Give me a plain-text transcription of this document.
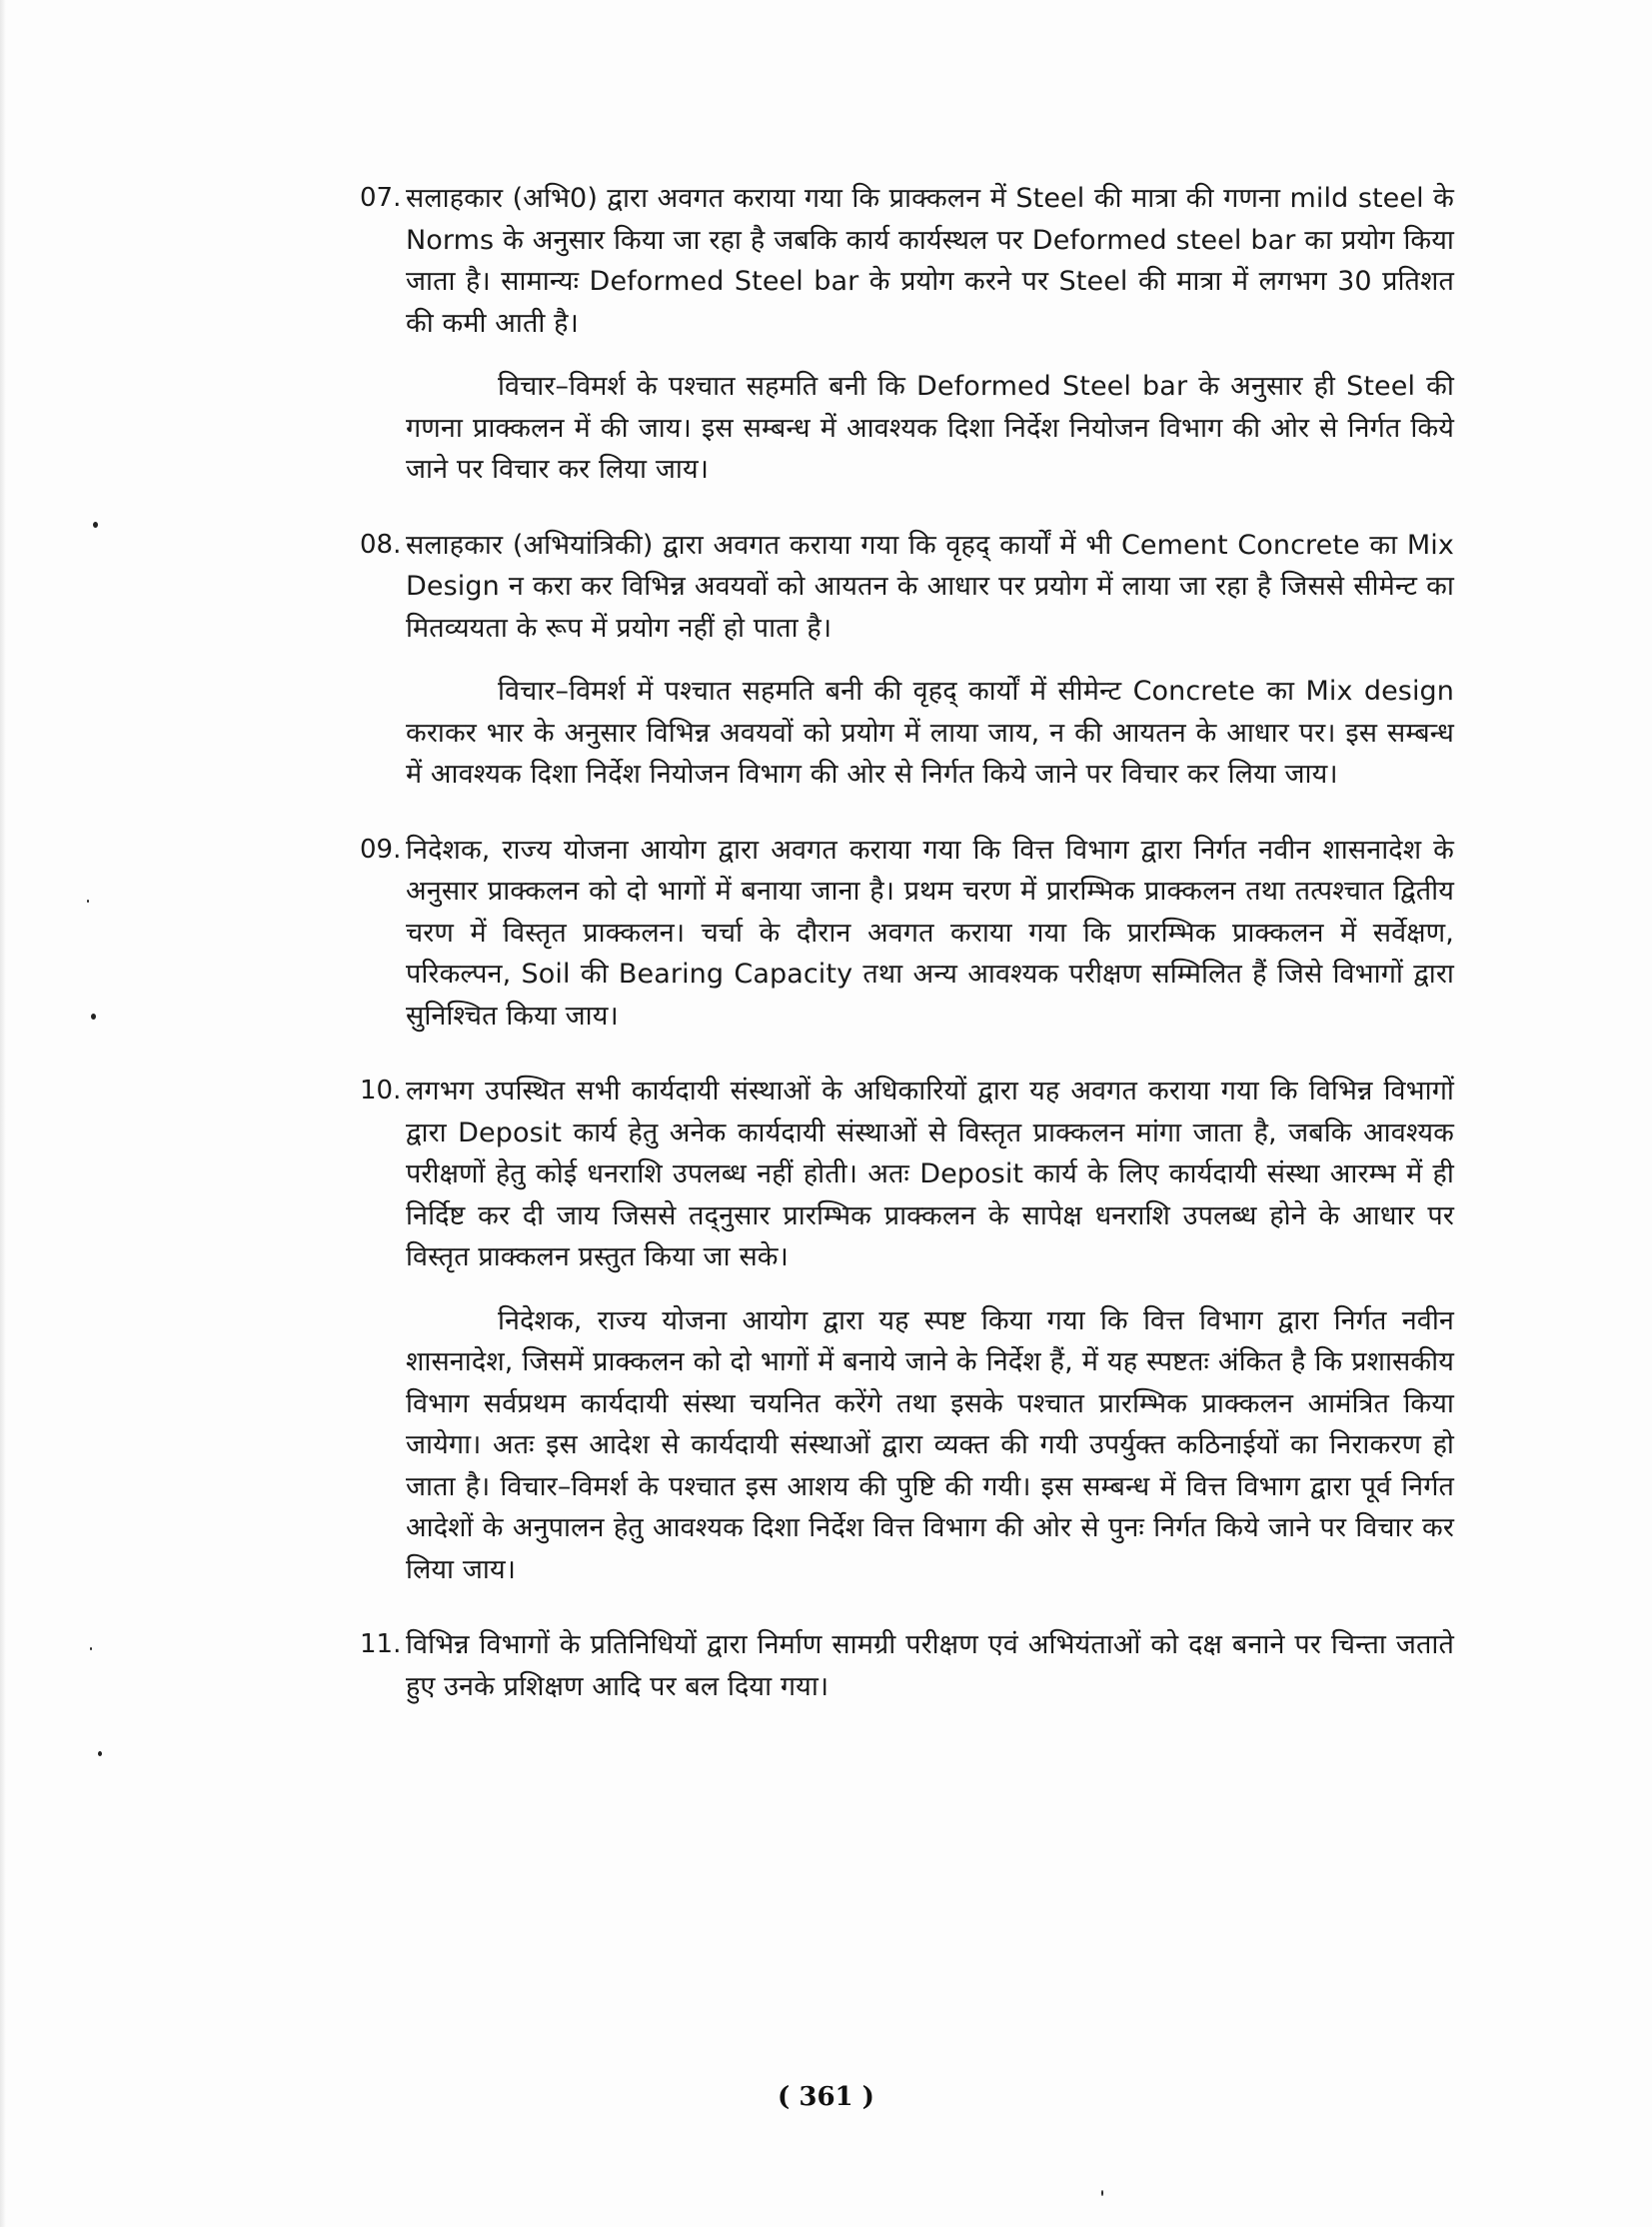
07. सलाहकार (अभि0) द्वारा अवगत कराया गया कि प्राक्कलन में Steel की मात्रा की गणना mild steel के Norms के अनुसार किया जा रहा है जबकि कार्य कार्यस्थल पर Deformed steel bar का प्रयोग किया जाता है। सामान्यः Deformed Steel bar के प्रयोग करने पर Steel की मात्रा में लगभग 30 प्रतिशत की कमी आती है।

विचार–विमर्श के पश्चात सहमति बनी कि Deformed Steel bar के अनुसार ही Steel की गणना प्राक्कलन में की जाय। इस सम्बन्ध में आवश्यक दिशा निर्देश नियोजन विभाग की ओर से निर्गत किये जाने पर विचार कर लिया जाय।

08. सलाहकार (अभियांत्रिकी) द्वारा अवगत कराया गया कि वृहद् कार्यों में भी Cement Concrete का Mix Design न करा कर विभिन्न अवयवों को आयतन के आधार पर प्रयोग में लाया जा रहा है जिससे सीमेन्ट का मितव्ययता के रूप में प्रयोग नहीं हो पाता है।

विचार–विमर्श में पश्चात सहमति बनी की वृहद् कार्यों में सीमेन्ट Concrete का Mix design कराकर भार के अनुसार विभिन्न अवयवों को प्रयोग में लाया जाय, न की आयतन के आधार पर। इस सम्बन्ध में आवश्यक दिशा निर्देश नियोजन विभाग की ओर से निर्गत किये जाने पर विचार कर लिया जाय।

09. निदेशक, राज्य योजना आयोग द्वारा अवगत कराया गया कि वित्त विभाग द्वारा निर्गत नवीन शासनादेश के अनुसार प्राक्कलन को दो भागों में बनाया जाना है। प्रथम चरण में प्रारम्भिक प्राक्कलन तथा तत्पश्चात द्वितीय चरण में विस्तृत प्राक्कलन। चर्चा के दौरान अवगत कराया गया कि प्रारम्भिक प्राक्कलन में सर्वेक्षण, परिकल्पन, Soil की Bearing Capacity तथा अन्य आवश्यक परीक्षण सम्मिलित हैं जिसे विभागों द्वारा सुनिश्चित किया जाय।

10. लगभग उपस्थित सभी कार्यदायी संस्थाओं के अधिकारियों द्वारा यह अवगत कराया गया कि विभिन्न विभागों द्वारा Deposit कार्य हेतु अनेक कार्यदायी संस्थाओं से विस्तृत प्राक्कलन मांगा जाता है, जबकि आवश्यक परीक्षणों हेतु कोई धनराशि उपलब्ध नहीं होती। अतः Deposit कार्य के लिए कार्यदायी संस्था आरम्भ में ही निर्दिष्ट कर दी जाय जिससे तद्नुसार प्रारम्भिक प्राक्कलन के सापेक्ष धनराशि उपलब्ध होने के आधार पर विस्तृत प्राक्कलन प्रस्तुत किया जा सके।

निदेशक, राज्य योजना आयोग द्वारा यह स्पष्ट किया गया कि वित्त विभाग द्वारा निर्गत नवीन शासनादेश, जिसमें प्राक्कलन को दो भागों में बनाये जाने के निर्देश हैं, में यह स्पष्टतः अंकित है कि प्रशासकीय विभाग सर्वप्रथम कार्यदायी संस्था चयनित करेंगे तथा इसके पश्चात प्रारम्भिक प्राक्कलन आमंत्रित किया जायेगा। अतः इस आदेश से कार्यदायी संस्थाओं द्वारा व्यक्त की गयी उपर्युक्त कठिनाईयों का निराकरण हो जाता है। विचार–विमर्श के पश्चात इस आशय की पुष्टि की गयी। इस सम्बन्ध में वित्त विभाग द्वारा पूर्व निर्गत आदेशों के अनुपालन हेतु आवश्यक दिशा निर्देश वित्त विभाग की ओर से पुनः निर्गत किये जाने पर विचार कर लिया जाय।

11. विभिन्न विभागों के प्रतिनिधियों द्वारा निर्माण सामग्री परीक्षण एवं अभियंताओं को दक्ष बनाने पर चिन्ता जताते हुए उनके प्रशिक्षण आदि पर बल दिया गया।

( 361 )
